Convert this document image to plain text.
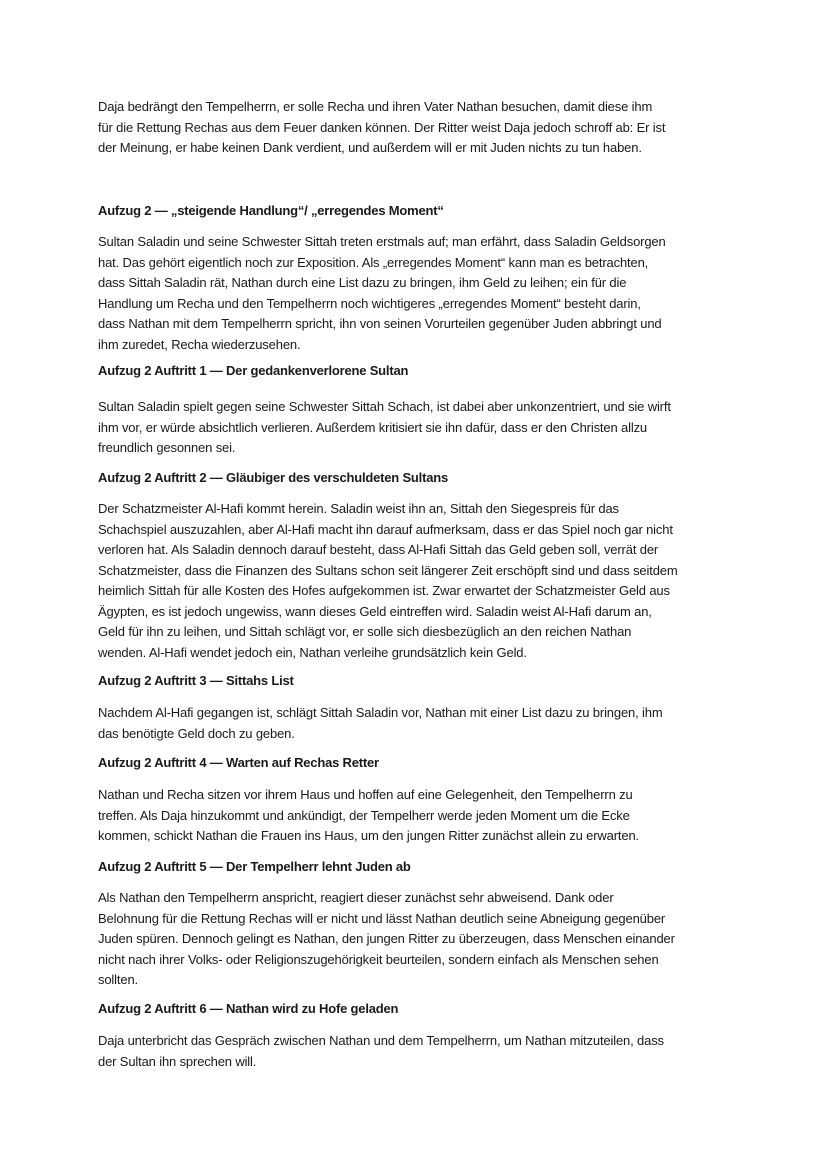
Daja bedrängt den Tempelherrn, er solle Recha und ihren Vater Nathan besuchen, damit diese ihm
für die Rettung Rechas aus dem Feuer danken können. Der Ritter weist Daja jedoch schroff ab: Er ist
der Meinung, er habe keinen Dank verdient, und außerdem will er mit Juden nichts zu tun haben.
Aufzug 2 — „steigende Handlung“/ „erregendes Moment“
Sultan Saladin und seine Schwester Sittah treten erstmals auf; man erfährt, dass Saladin Geldsorgen
hat. Das gehört eigentlich noch zur Exposition. Als „erregendes Moment“ kann man es betrachten,
dass Sittah Saladin rät, Nathan durch eine List dazu zu bringen, ihm Geld zu leihen; ein für die
Handlung um Recha und den Tempelherrn noch wichtigeres „erregendes Moment“ besteht darin,
dass Nathan mit dem Tempelherrn spricht, ihn von seinen Vorurteilen gegenüber Juden abbringt und
ihm zuredet, Recha wiederzusehen.
Aufzug 2 Auftritt 1 — Der gedankenverlorene Sultan
Sultan Saladin spielt gegen seine Schwester Sittah Schach, ist dabei aber unkonzentriert, und sie wirft
ihm vor, er würde absichtlich verlieren. Außerdem kritisiert sie ihn dafür, dass er den Christen allzu
freundlich gesonnen sei.
Aufzug 2 Auftritt 2 — Gläubiger des verschuldeten Sultans
Der Schatzmeister Al-Hafi kommt herein. Saladin weist ihn an, Sittah den Siegespreis für das
Schachspiel auszuzahlen, aber Al-Hafi macht ihn darauf aufmerksam, dass er das Spiel noch gar nicht
verloren hat. Als Saladin dennoch darauf besteht, dass Al-Hafi Sittah das Geld geben soll, verrät der
Schatzmeister, dass die Finanzen des Sultans schon seit längerer Zeit erschöpft sind und dass seitdem
heimlich Sittah für alle Kosten des Hofes aufgekommen ist. Zwar erwartet der Schatzmeister Geld aus
Ägypten, es ist jedoch ungewiss, wann dieses Geld eintreffen wird. Saladin weist Al-Hafi darum an,
Geld für ihn zu leihen, und Sittah schlägt vor, er solle sich diesbezüglich an den reichen Nathan
wenden. Al-Hafi wendet jedoch ein, Nathan verleihe grundsätzlich kein Geld.
Aufzug 2 Auftritt 3 — Sittahs List
Nachdem Al-Hafi gegangen ist, schlägt Sittah Saladin vor, Nathan mit einer List dazu zu bringen, ihm
das benötigte Geld doch zu geben.
Aufzug 2 Auftritt 4 — Warten auf Rechas Retter
Nathan und Recha sitzen vor ihrem Haus und hoffen auf eine Gelegenheit, den Tempelherrn zu
treffen. Als Daja hinzukommt und ankündigt, der Tempelherr werde jeden Moment um die Ecke
kommen, schickt Nathan die Frauen ins Haus, um den jungen Ritter zunächst allein zu erwarten.
Aufzug 2 Auftritt 5 — Der Tempelherr lehnt Juden ab
Als Nathan den Tempelherrn anspricht, reagiert dieser zunächst sehr abweisend. Dank oder
Belohnung für die Rettung Rechas will er nicht und lässt Nathan deutlich seine Abneigung gegenüber
Juden spüren. Dennoch gelingt es Nathan, den jungen Ritter zu überzeugen, dass Menschen einander
nicht nach ihrer Volks- oder Religionszugehörigkeit beurteilen, sondern einfach als Menschen sehen
sollten.
Aufzug 2 Auftritt 6 — Nathan wird zu Hofe geladen
Daja unterbricht das Gespräch zwischen Nathan und dem Tempelherrn, um Nathan mitzuteilen, dass
der Sultan ihn sprechen will.
